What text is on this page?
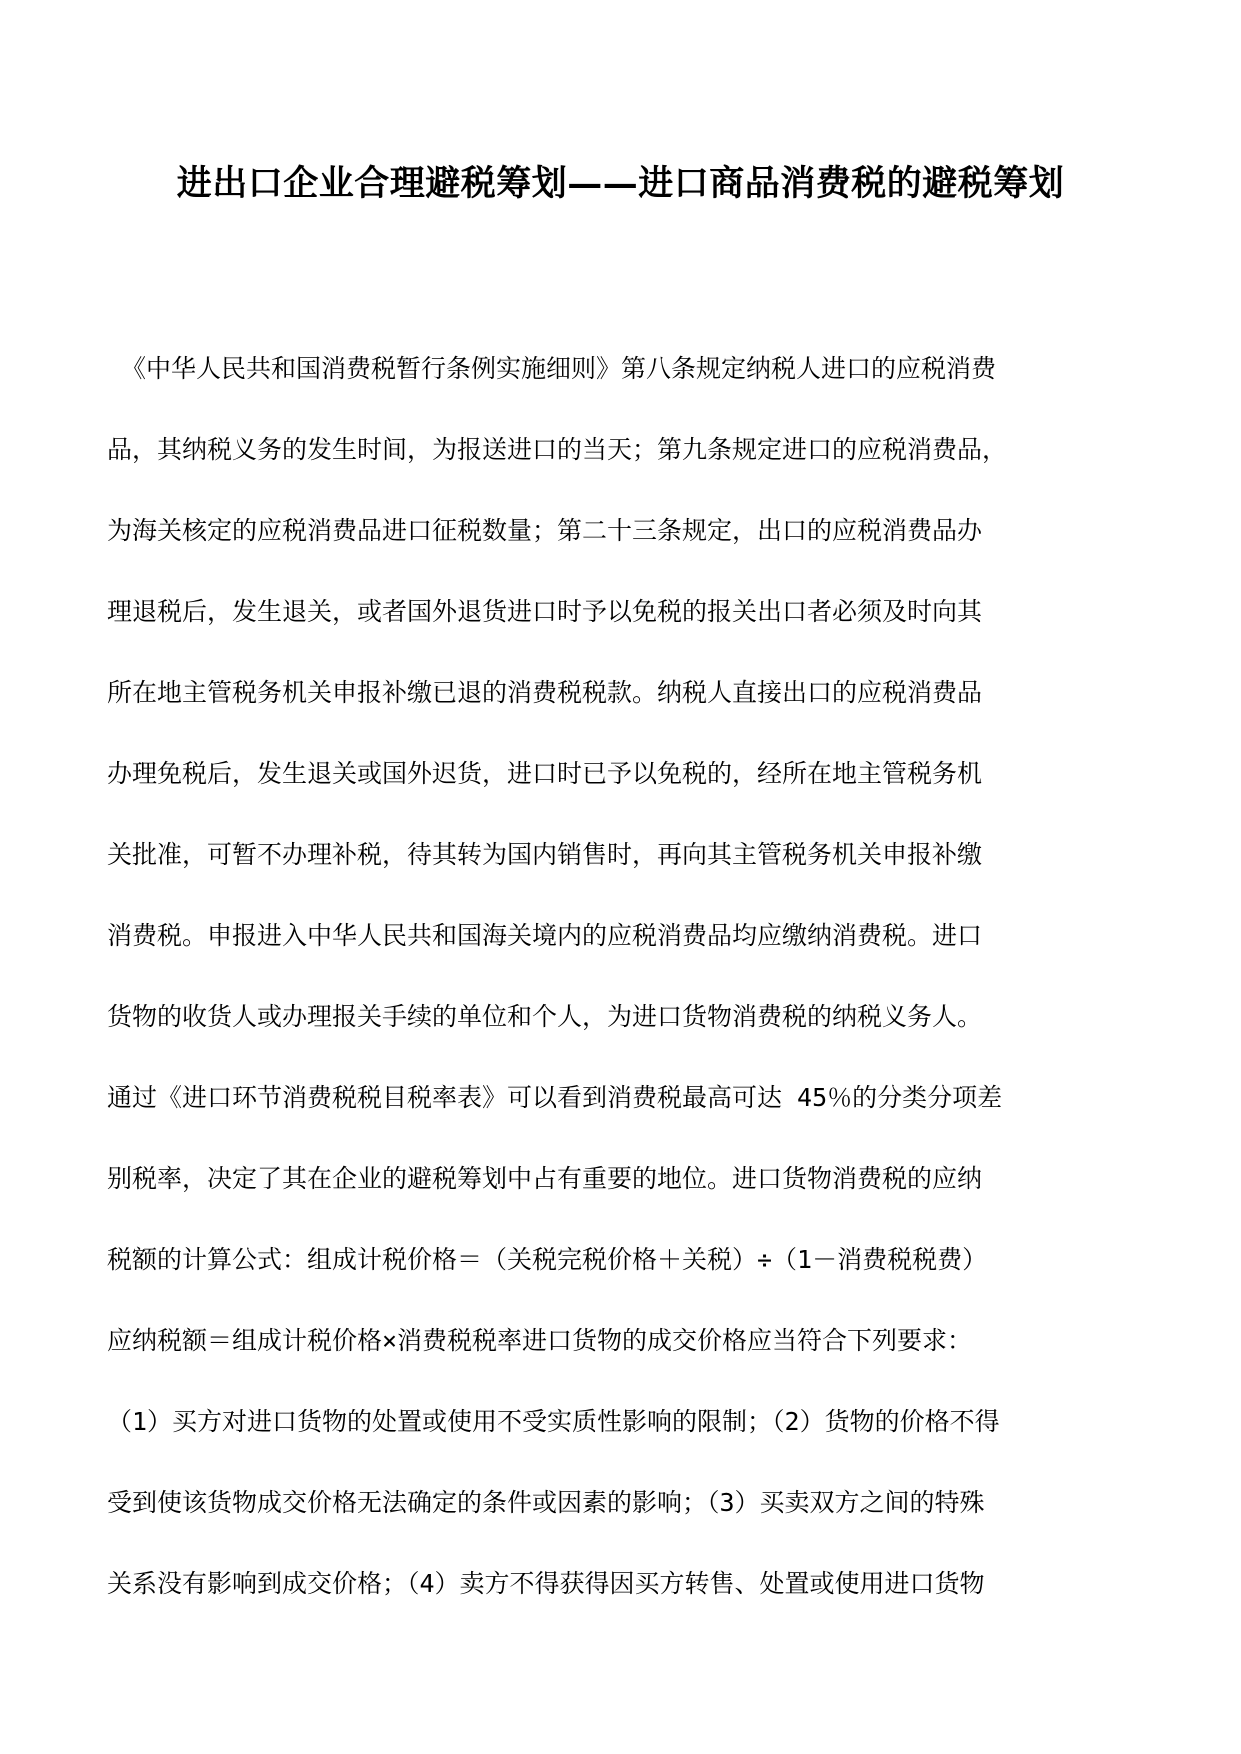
进出口企业合理避税筹划——进口商品消费税的避税筹划
《中华人民共和国消费税暂行条例实施细则》第八条规定纳税人进口的应税消费
品，其纳税义务的发生时间，为报送进口的当天；第九条规定进口的应税消费品，
为海关核定的应税消费品进口征税数量；第二十三条规定，出口的应税消费品办
理退税后，发生退关，或者国外退货进口时予以免税的报关出口者必须及时向其
所在地主管税务机关申报补缴已退的消费税税款。纳税人直接出口的应税消费品
办理免税后，发生退关或国外迟货，进口时已予以免税的，经所在地主管税务机
关批准，可暂不办理补税，待其转为国内销售时，再向其主管税务机关申报补缴
消费税。申报进入中华人民共和国海关境内的应税消费品均应缴纳消费税。进口
货物的收货人或办理报关手续的单位和个人，为进口货物消费税的纳税义务人。
通过《进口环节消费税税目税率表》可以看到消费税最高可达 45％的分类分项差
别税率，决定了其在企业的避税筹划中占有重要的地位。进口货物消费税的应纳
税额的计算公式：组成计税价格＝（关税完税价格＋关税）÷（1－消费税税费）
应纳税额＝组成计税价格×消费税税率进口货物的成交价格应当符合下列要求：
（1）买方对进口货物的处置或使用不受实质性影响的限制；（2）货物的价格不得
受到使该货物成交价格无法确定的条件或因素的影响；（3）买卖双方之间的特殊
关系没有影响到成交价格；（4）卖方不得获得因买方转售、处置或使用进口货物
